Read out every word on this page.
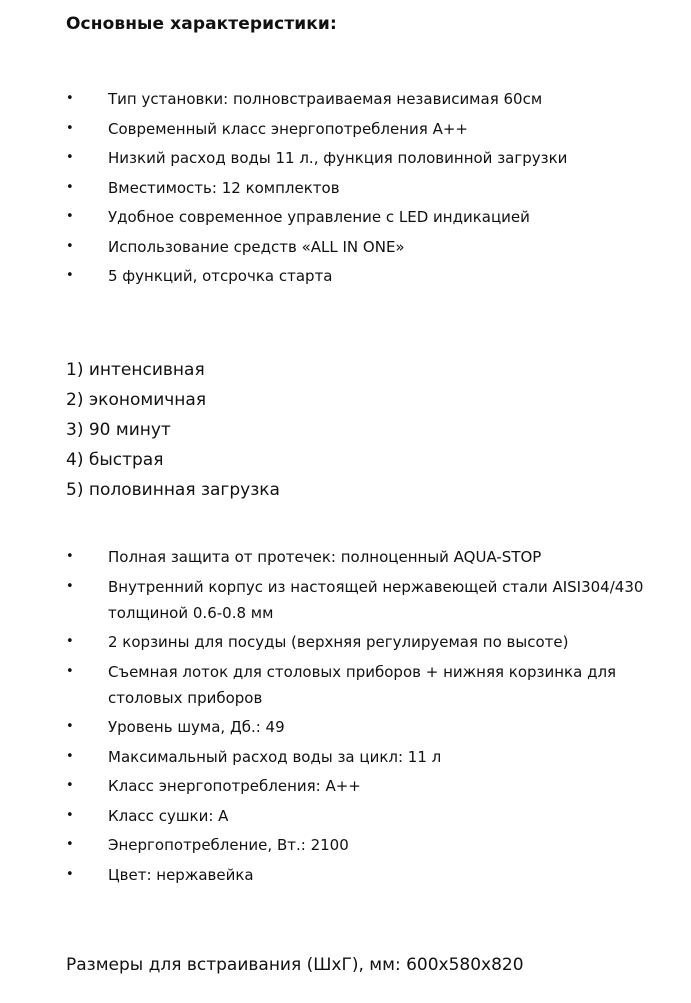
Основные характеристики:

• Тип установки: полновстраиваемая независимая 60см
• Современный класс энергопотребления А++
• Низкий расход воды 11 л., функция половинной загрузки
• Вместимость: 12 комплектов
• Удобное современное управление с LED индикацией
• Использование средств «ALL IN ONE»
• 5 функций, отсрочка старта
1) интенсивная
2) экономичная
3) 90 минут
4) быстрая
5) половинная загрузка
• Полная защита от протечек: полноценный AQUA-STOP
• Внутренний корпус из настоящей нержавеющей стали AISI304/430 толщиной 0.6-0.8 мм
• 2 корзины для посуды (верхняя регулируемая по высоте)
• Съемная лоток для столовых приборов + нижняя корзинка для столовых приборов
• Уровень шума, Дб.: 49
• Максимальный расход воды за цикл: 11 л
• Класс энергопотребления: А++
• Класс сушки: А
• Энергопотребление, Вт.: 2100
• Цвет: нержавейка

Размеры для встраивания (ШхГ), мм: 600х580х820
